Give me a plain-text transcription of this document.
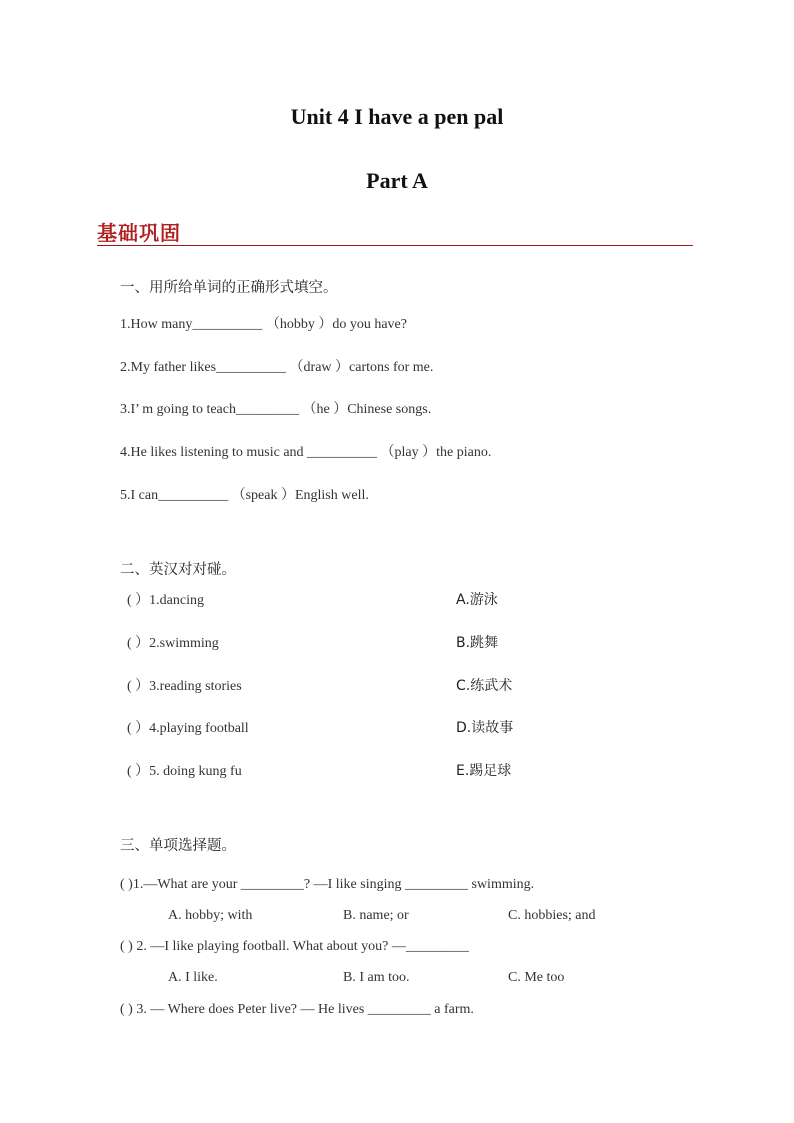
Unit 4 I have a pen pal
Part A
基础巩固
一、用所给单词的正确形式填空。
1.How many__________ （hobby ）do you have?
2.My father likes__________ （draw ）cartons for me.
3.I’ m going to teach_________ （he ）Chinese songs.
4.He likes listening to music and __________ （play ）the piano.
5.I can__________ （speak ）English well.
二、英汉对对碰。
( ）1.dancing	A.游泳
( ）2.swimming	B.跳舞
( ）3.reading stories	C.练武术
( ）4.playing football	D.读故事
( ）5. doing kung fu	E.踢足球
三、单项选择题。
( )1.—What are your _________? —I like singing _________ swimming.
A. hobby; with	B. name; or	C. hobbies; and
( ) 2. —I like playing football. What about you? —_________
A. I like.	B. I am too.	C. Me too
( ) 3. — Where does Peter live? — He lives _________ a farm.
